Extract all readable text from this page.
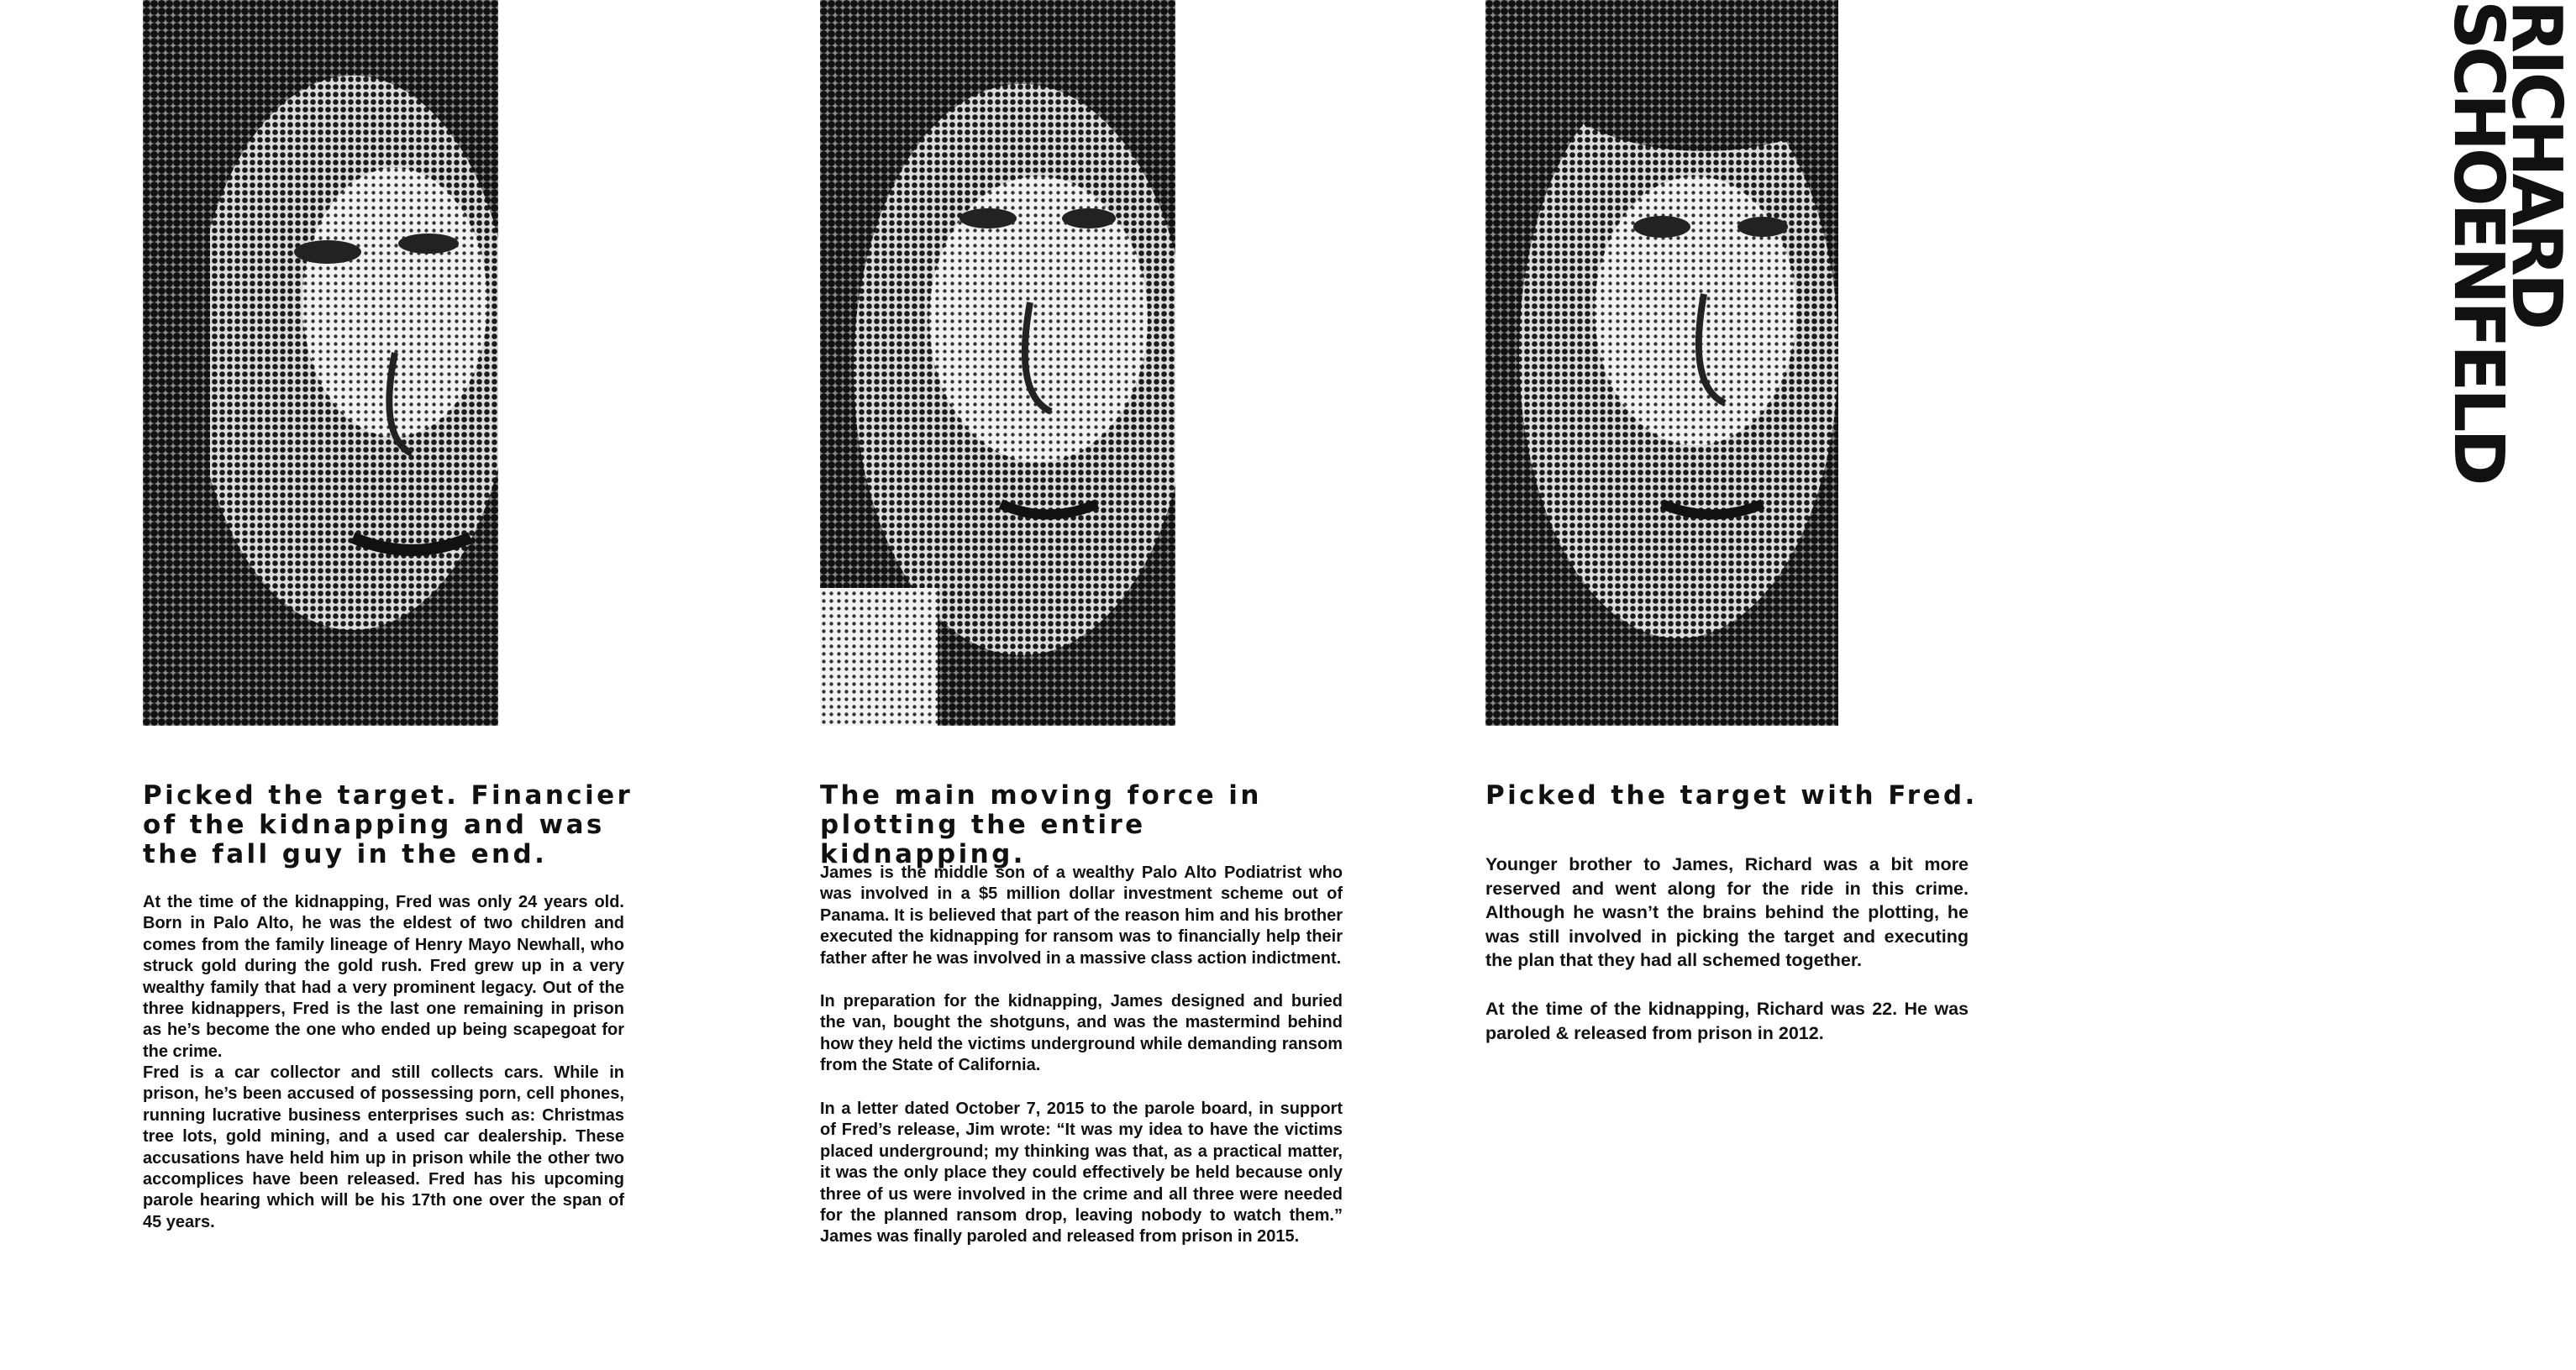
Picked the target. Financier of the kidnapping and was the fall guy in the end.

At the time of the kidnapping, Fred was only 24 years old. Born in Palo Alto, he was the eldest of two children and comes from the family lineage of Henry Mayo Newhall, who struck gold during the gold rush. Fred grew up in a very wealthy family that had a very prominent legacy. Out of the three kidnappers, Fred is the last one remaining in prison as he’s become the one who ended up being scapegoat for the crime.

Fred is a car collector and still collects cars. While in prison, he’s been accused of possessing porn, cell phones, running lucrative business enterprises such as: Christmas tree lots, gold mining, and a used car dealership. These accusations have held him up in prison while the other two accomplices have been released. Fred has his upcoming parole hearing which will be his 17th one over the span of 45 years.

The main moving force in plotting the entire kidnapping.

James is the middle son of a wealthy Palo Alto Podiatrist who was involved in a $5 million dollar investment scheme out of Panama. It is believed that part of the reason him and his brother executed the kidnapping for ransom was to financially help their father after he was involved in a massive class action indictment.

In preparation for the kidnapping, James designed and buried the van, bought the shotguns, and was the mastermind behind how they held the victims underground while demanding ransom from the State of California.

In a letter dated October 7, 2015 to the parole board, in support of Fred’s release, Jim wrote: “It was my idea to have the victims placed underground; my thinking was that, as a practical matter, it was the only place they could effectively be held because only three of us were involved in the crime and all three were needed for the planned ransom drop, leaving nobody to watch them.” James was finally paroled and released from prison in 2015.

RICHARD
SCHOENFELD
Picked the target with Fred.

Younger brother to James, Richard was a bit more reserved and went along for the ride in this crime. Although he wasn’t the brains behind the plotting, he was still involved in picking the target and executing the plan that they had all schemed together.

At the time of the kidnapping, Richard was 22. He was paroled & released from prison in 2012.
